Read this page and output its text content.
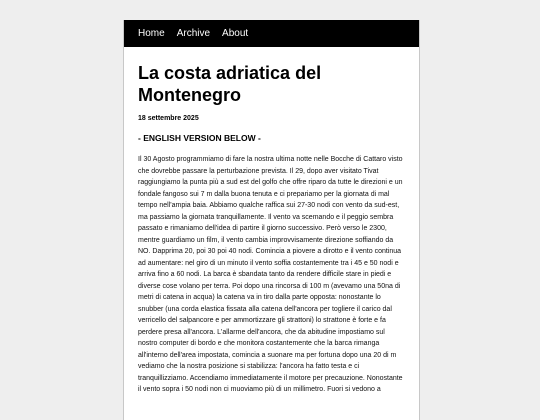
Home Archive About
La costa adriatica del Montenegro
18 settembre 2025
- ENGLISH VERSION BELOW -

Il 30 Agosto programmiamo di fare la nostra ultima notte nelle Bocche di Cattaro visto che dovrebbe passare la perturbazione prevista. Il 29, dopo aver visitato Tivat raggiungiamo la punta più a sud est del golfo che offre riparo da tutte le direzioni e un fondale fangoso sui 7 m dalla buona tenuta e ci prepariamo per la giornata di mal tempo nell'ampia baia. Abbiamo qualche raffica sui 27-30 nodi con vento da sud-est, ma passiamo la giornata tranquillamente. Il vento va scemando e il peggio sembra passato e rimaniamo dell'idea di partire il giorno successivo. Però verso le 2300, mentre guardiamo un film, il vento cambia improvvisamente direzione soffiando da NO. Dapprima 20, poi 30 poi 40 nodi. Comincia a piovere a dirotto e il vento continua ad aumentare: nel giro di un minuto il vento soffia costantemente tra i 45 e 50 nodi e arriva fino a 60 nodi. La barca è sbandata tanto da rendere difficile stare in piedi e diverse cose volano per terra. Poi dopo una rincorsa di 100 m (avevamo una 50na di metri di catena in acqua) la catena va in tiro dalla parte opposta: nonostante lo snubber (una corda elastica fissata alla catena dell'ancora per togliere il carico dal verricello del salpancore e per ammortizzare gli strattoni) lo strattone è forte e fa perdere presa all'ancora. L'allarme dell'ancora, che da abitudine impostiamo sul nostro computer di bordo e che monitora costantemente che la barca rimanga all'interno dell'area impostata, comincia a suonare ma per fortuna dopo una 20 di m vediamo che la nostra posizione si stabilizza: l'ancora ha fatto testa e ci tranquillizziamo. Accendiamo immediatamente il motore per precauzione. Nonostante il vento sopra i 50 nodi non ci muoviamo più di un millimetro. Fuori si vedono a
